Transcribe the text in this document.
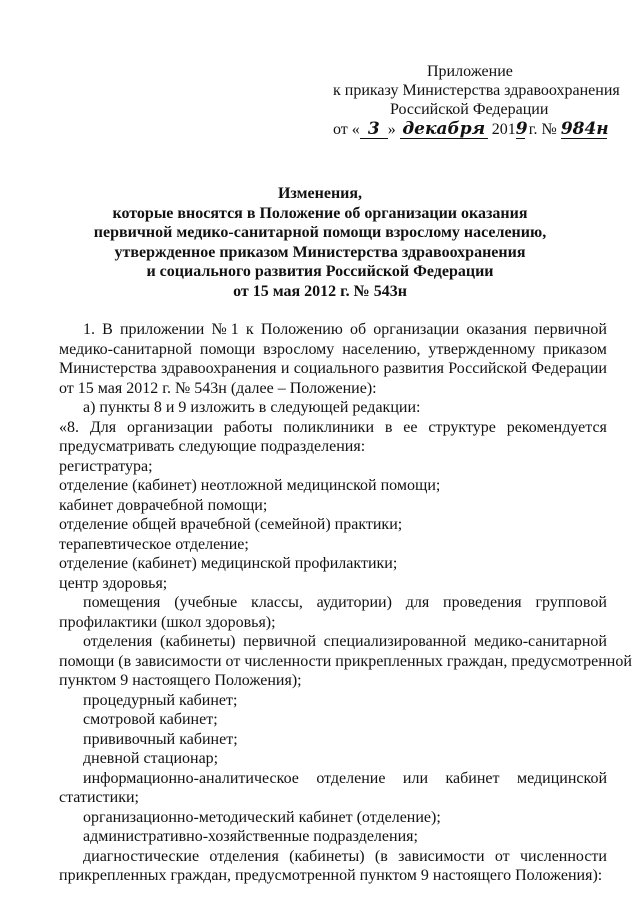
Приложение
к приказу Министерства здравоохранения
Российской Федерации
от « 3 » декабря 2019 г. № 984н
Изменения,
которые вносятся в Положение об организации оказания
первичной медико-санитарной помощи взрослому населению,
утвержденное приказом Министерства здравоохранения
и социального развития Российской Федерации
от 15 мая 2012 г. № 543н
1. В приложении № 1 к Положению об организации оказания первичной
медико-санитарной помощи взрослому населению, утвержденному приказом
Министерства здравоохранения и социального развития Российской Федерации
от 15 мая 2012 г. № 543н (далее – Положение):
а) пункты 8 и 9 изложить в следующей редакции:
«8. Для организации работы поликлиники в ее структуре рекомендуется
предусматривать следующие подразделения:
регистратура;
отделение (кабинет) неотложной медицинской помощи;
кабинет доврачебной помощи;
отделение общей врачебной (семейной) практики;
терапевтическое отделение;
отделение (кабинет) медицинской профилактики;
центр здоровья;
помещения (учебные классы, аудитории) для проведения групповой
профилактики (школ здоровья);
отделения (кабинеты) первичной специализированной медико-санитарной
помощи (в зависимости от численности прикрепленных граждан, предусмотренной
пунктом 9 настоящего Положения);
процедурный кабинет;
смотровой кабинет;
прививочный кабинет;
дневной стационар;
информационно-аналитическое отделение или кабинет медицинской
статистики;
организационно-методический кабинет (отделение);
административно-хозяйственные подразделения;
диагностические отделения (кабинеты) (в зависимости от численности
прикрепленных граждан, предусмотренной пунктом 9 настоящего Положения):
